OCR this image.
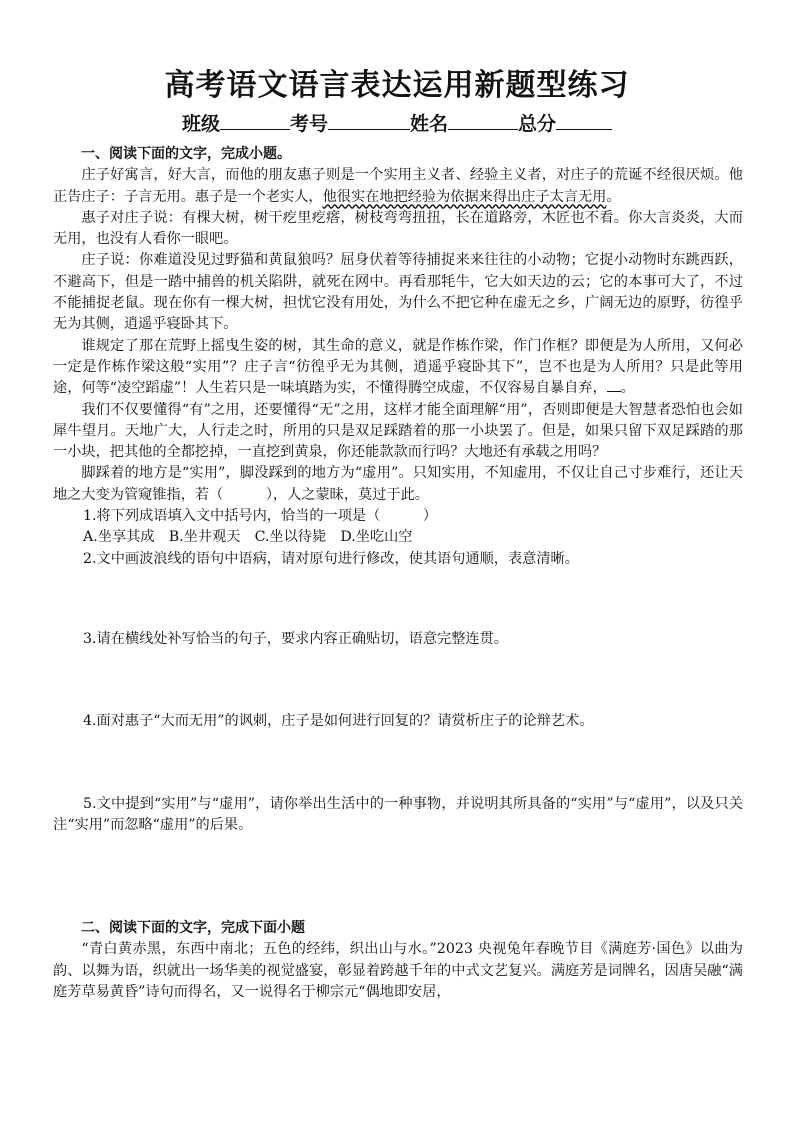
高考语文语言表达运用新题型练习
班级	考号	姓名	总分

一、阅读下面的文字，完成小题。

庄子好寓言，好大言，而他的朋友惠子则是一个实用主义者、经验主义者，对庄子的荒诞不经很厌烦。他正告庄子：子言无用。惠子是一个老实人，他很实在地把经验为依据来得出庄子太言无用。

惠子对庄子说：有棵大树，树干疙里疙瘩，树枝弯弯扭扭，长在道路旁，木匠也不看。你大言炎炎，大而无用，也没有人看你一眼吧。

庄子说：你难道没见过野猫和黄鼠狼吗？屈身伏着等待捕捉来来往往的小动物；它捉小动物时东跳西跃，不避高下，但是一踏中捕兽的机关陷阱，就死在网中。再看那牦牛，它大如天边的云；它的本事可大了，不过不能捕捉老鼠。现在你有一棵大树，担忧它没有用处，为什么不把它种在虚无之乡，广阔无边的原野，彷徨乎无为其侧，逍遥乎寝卧其下。

谁规定了那在荒野上摇曳生姿的树，其生命的意义，就是作栋作梁，作门作框？即便是为人所用，又何必一定是作栋作梁这般“实用”？庄子言“彷徨乎无为其侧，逍遥乎寝卧其下”，岂不也是为人所用？只是此等用途，何等“凌空蹈虚”！人生若只是一味填踏为实，不懂得腾空成虚，不仅容易自暴自弃， 。

我们不仅要懂得“有”之用，还要懂得“无”之用，这样才能全面理解“用”，否则即便是大智慧者恐怕也会如犀牛望月。天地广大，人行走之时，所用的只是双足踩踏着的那一小块罢了。但是，如果只留下双足踩踏的那一小块，把其他的全都挖掉，一直挖到黄泉，你还能款款而行吗？大地还有承载之用吗？

脚踩着的地方是“实用”，脚没踩到的地方为“虚用”。只知实用，不知虚用，不仅让自己寸步难行，还让天地之大变为管窥锥指，若（　　　），人之蒙昧，莫过于此。

1.将下列成语填入文中括号内，恰当的一项是（　　　）

A.坐享其成　B.坐井观天　C.坐以待毙　D.坐吃山空

2.文中画波浪线的语句中语病，请对原句进行修改，使其语句通顺，表意清晰。

3.请在横线处补写恰当的句子，要求内容正确贴切，语意完整连贯。

4.面对惠子“大而无用”的讽刺，庄子是如何进行回复的？请赏析庄子的论辩艺术。

5.文中提到“实用”与“虚用”，请你举出生活中的一种事物，并说明其所具备的“实用”与“虚用”，以及只关注“实用”而忽略“虚用”的后果。

二、阅读下面的文字，完成下面小题

“青白黄赤黑，东西中南北；五色的经纬，织出山与水。”2023 央视兔年春晚节目《满庭芳·国色》以曲为韵、以舞为语，织就出一场华美的视觉盛宴，彰显着跨越千年的中式文艺复兴。满庭芳是词牌名，因唐吴融“满庭芳草易黄昏”诗句而得名，又一说得名于柳宗元“偶地即安居，
